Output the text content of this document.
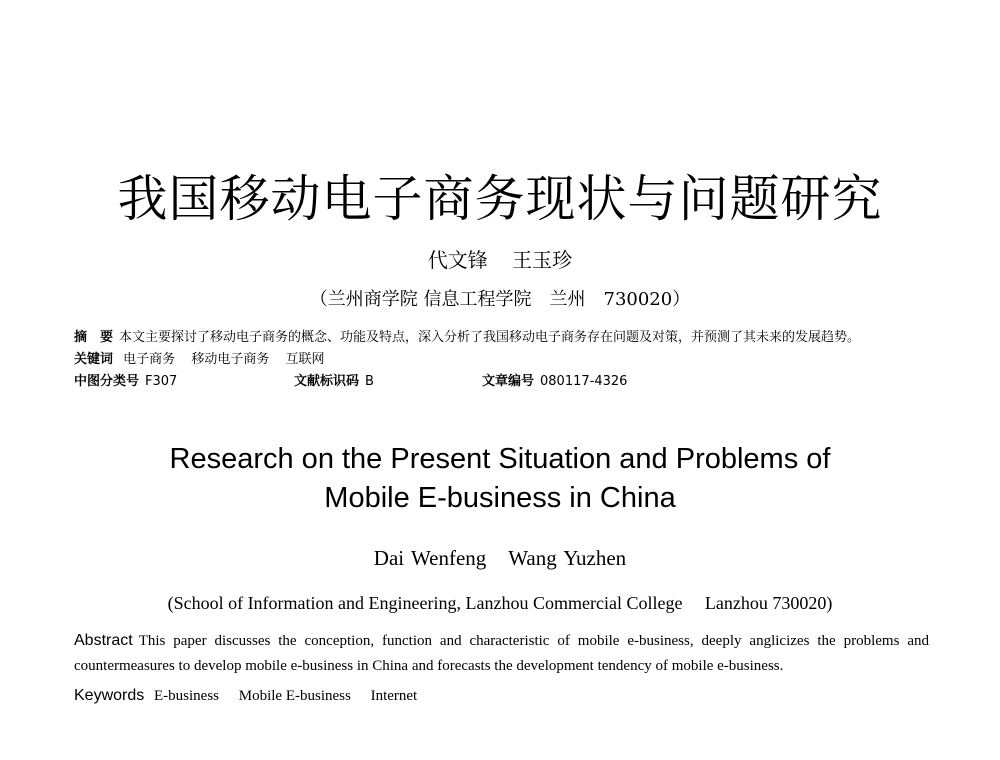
我国移动电子商务现状与问题研究
代文锋 王玉珍
（兰州商学院 信息工程学院　兰州　730020）

摘　要 本文主要探讨了移动电子商务的概念、功能及特点，深入分析了我国移动电子商务存在问题及对策，并预测了其未来的发展趋势。

关键词 电子商务 移动电子商务 互联网

中图分类号 F307	文献标识码 B	文章编号 080117-4326
Research on the Present Situation and Problems of
Mobile E-business in China
Dai Wenfeng Wang Yuzhen
(School of Information and Engineering, Lanzhou Commercial College　 Lanzhou 730020)
Abstract This paper discusses the conception, function and characteristic of mobile e-business, deeply anglicizes the problems and countermeasures to develop mobile e-business in China and forecasts the development tendency of mobile e-business.
Keywords E-business Mobile E-business Internet
